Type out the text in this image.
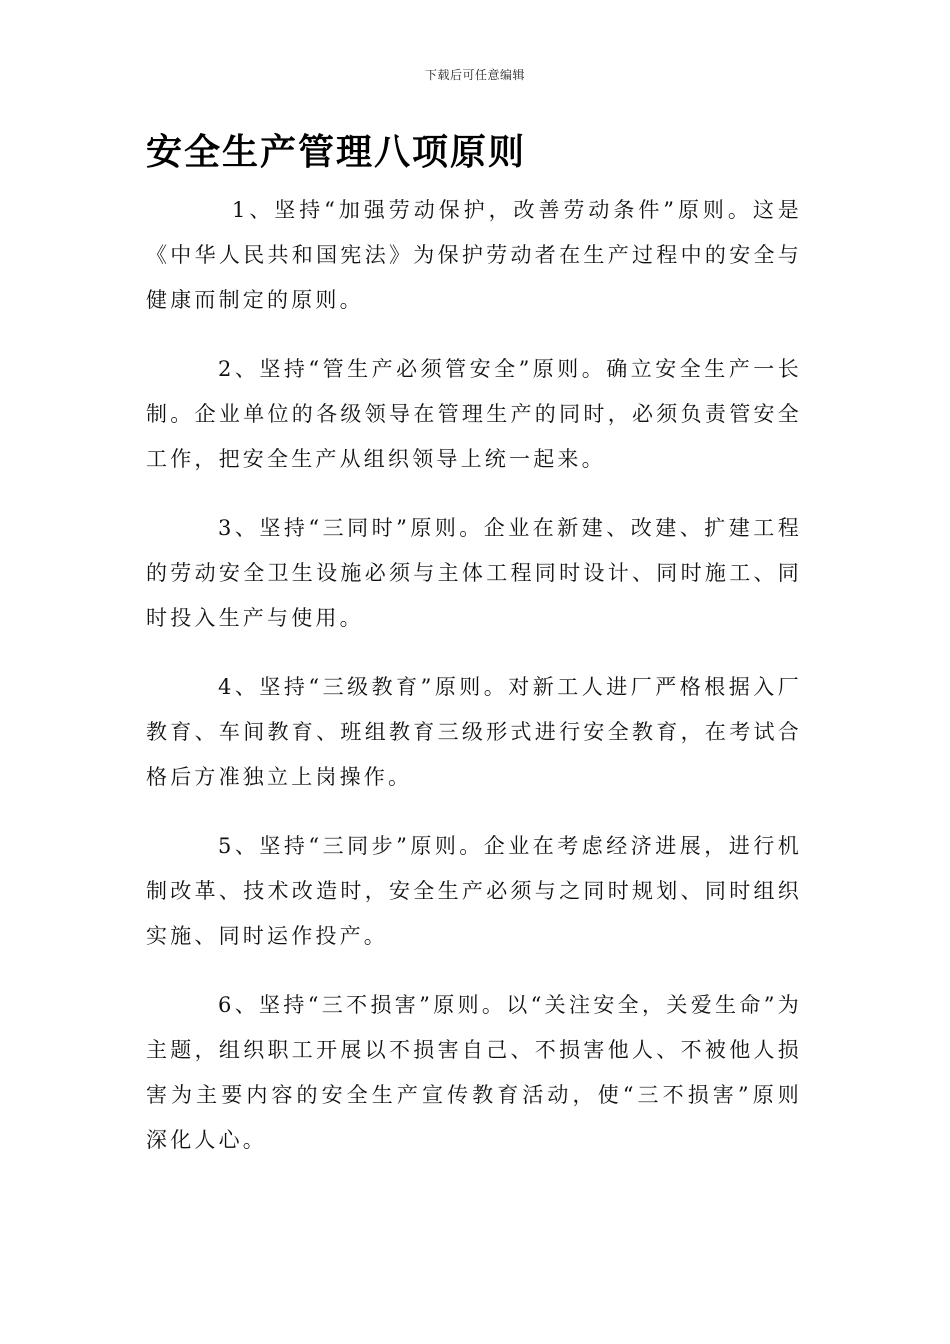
下载后可任意编辑
安全生产管理八项原则

1、坚持“加强劳动保护，改善劳动条件”原则。这是《中华人民共和国宪法》为保护劳动者在生产过程中的安全与健康而制定的原则。

2、坚持“管生产必须管安全”原则。确立安全生产一长制。企业单位的各级领导在管理生产的同时，必须负责管安全工作，把安全生产从组织领导上统一起来。

3、坚持“三同时”原则。企业在新建、改建、扩建工程的劳动安全卫生设施必须与主体工程同时设计、同时施工、同时投入生产与使用。

4、坚持“三级教育”原则。对新工人进厂严格根据入厂教育、车间教育、班组教育三级形式进行安全教育，在考试合格后方准独立上岗操作。

5、坚持“三同步”原则。企业在考虑经济进展，进行机制改革、技术改造时，安全生产必须与之同时规划、同时组织实施、同时运作投产。

6、坚持“三不损害”原则。以“关注安全，关爱生命”为主题，组织职工开展以不损害自己、不损害他人、不被他人损害为主要内容的安全生产宣传教育活动，使“三不损害”原则深化人心。
